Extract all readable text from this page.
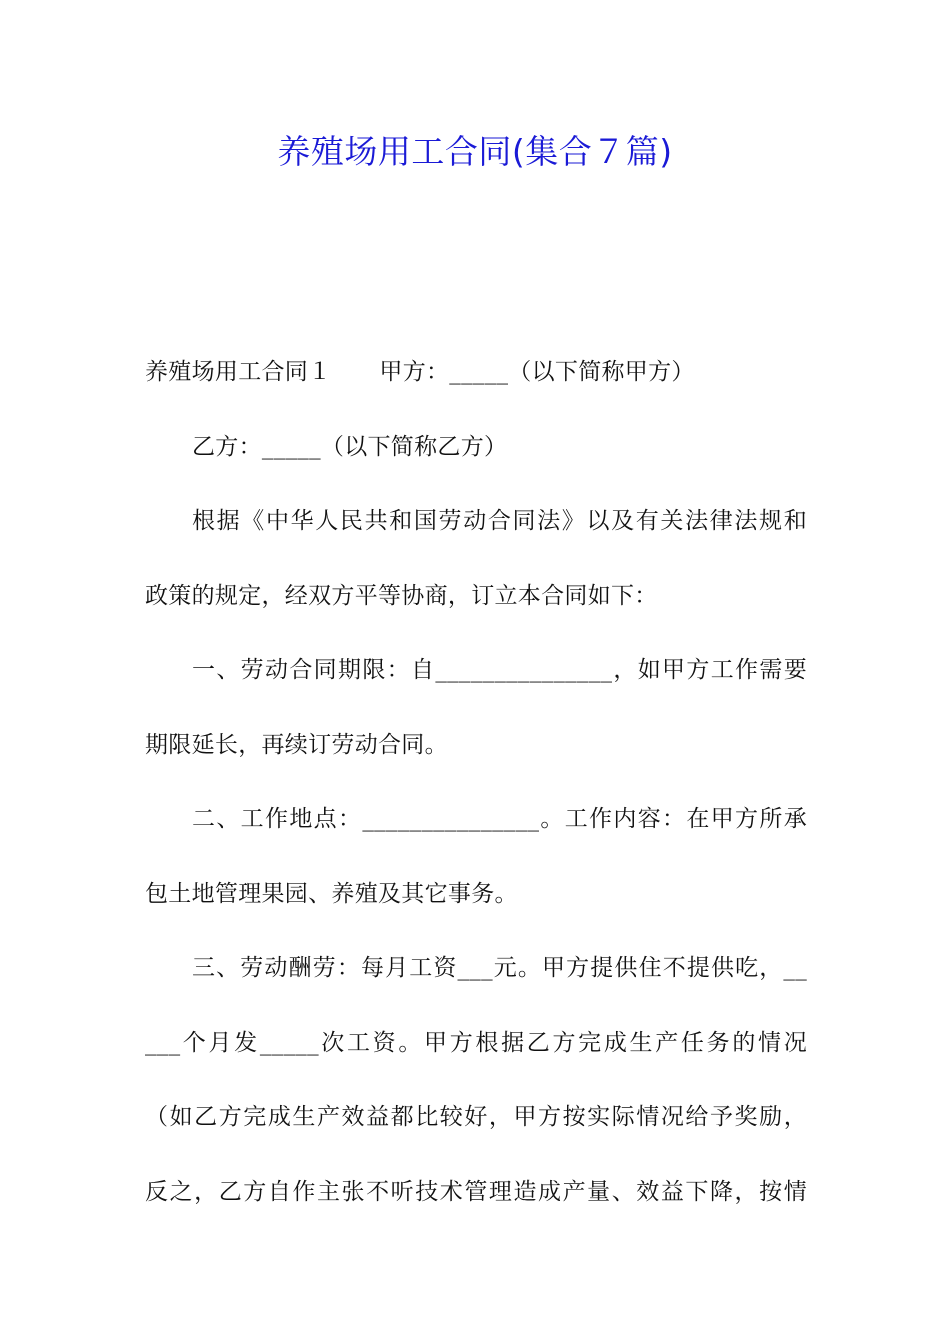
养殖场用工合同(集合７篇)
养殖场用工合同１ 甲方：_____（以下简称甲方）
乙方：_____（以下简称乙方）
根据《中华人民共和国劳动合同法》以及有关法律法规和
政策的规定，经双方平等协商，订立本合同如下：
一、劳动合同期限：自_______________，如甲方工作需要
期限延长，再续订劳动合同。
二、工作地点：_______________。工作内容：在甲方所承
包土地管理果园、养殖及其它事务。
三、劳动酬劳：每月工资___元。甲方提供住不提供吃，__
___个月发_____次工资。甲方根据乙方完成生产任务的情况
（如乙方完成生产效益都比较好，甲方按实际情况给予奖励，
反之，乙方自作主张不听技术管理造成产量、效益下降，按情
